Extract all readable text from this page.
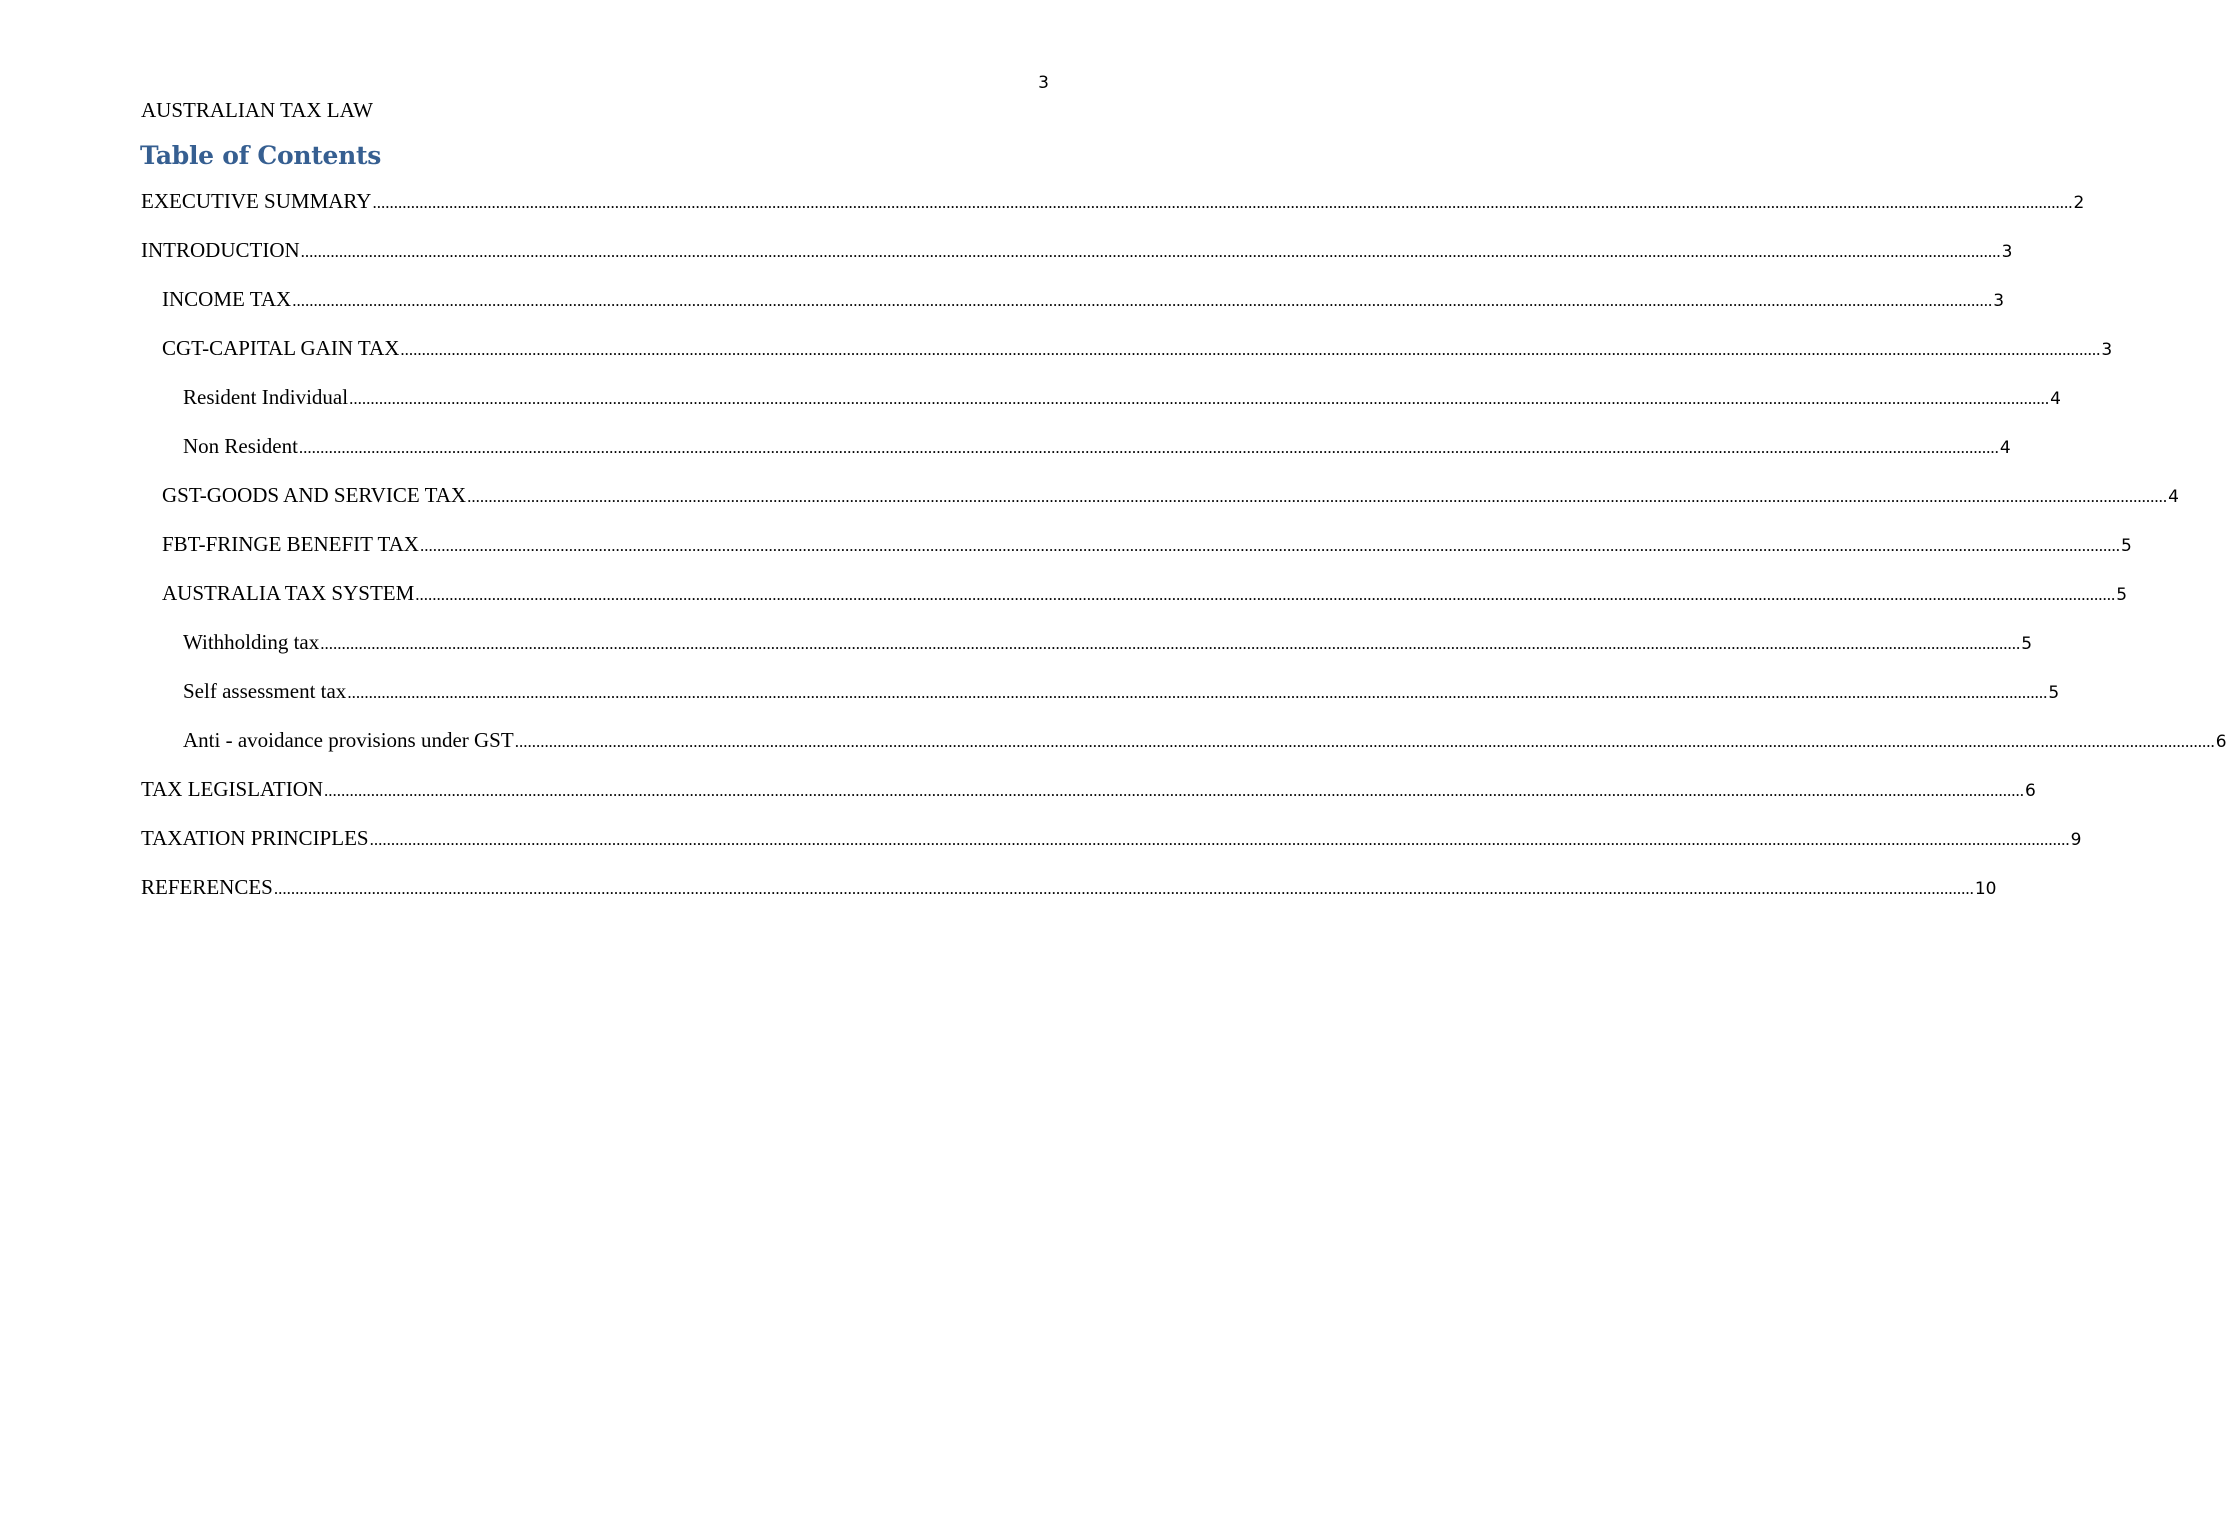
3
AUSTRALIAN TAX LAW
Table of Contents
EXECUTIVE SUMMARY ................................................................................................................................................................................................................................................................................................................................................................................................................ 2
INTRODUCTION ................................................................................................................................................................................................................................................................................................................................................................................................................ 3
INCOME TAX ................................................................................................................................................................................................................................................................................................................................................................................................................ 3
CGT-CAPITAL GAIN TAX ................................................................................................................................................................................................................................................................................................................................................................................................................ 3
Resident Individual ................................................................................................................................................................................................................................................................................................................................................................................................................ 4
Non Resident ................................................................................................................................................................................................................................................................................................................................................................................................................ 4
GST-GOODS AND SERVICE TAX ................................................................................................................................................................................................................................................................................................................................................................................................................ 4
FBT-FRINGE BENEFIT TAX ................................................................................................................................................................................................................................................................................................................................................................................................................ 5
AUSTRALIA TAX SYSTEM ................................................................................................................................................................................................................................................................................................................................................................................................................ 5
Withholding tax ................................................................................................................................................................................................................................................................................................................................................................................................................ 5
Self assessment tax ................................................................................................................................................................................................................................................................................................................................................................................................................ 5
Anti - avoidance provisions under GST ................................................................................................................................................................................................................................................................................................................................................................................................................ 6
TAX LEGISLATION ................................................................................................................................................................................................................................................................................................................................................................................................................ 6
TAXATION PRINCIPLES ................................................................................................................................................................................................................................................................................................................................................................................................................ 9
REFERENCES ................................................................................................................................................................................................................................................................................................................................................................................................................ 10
